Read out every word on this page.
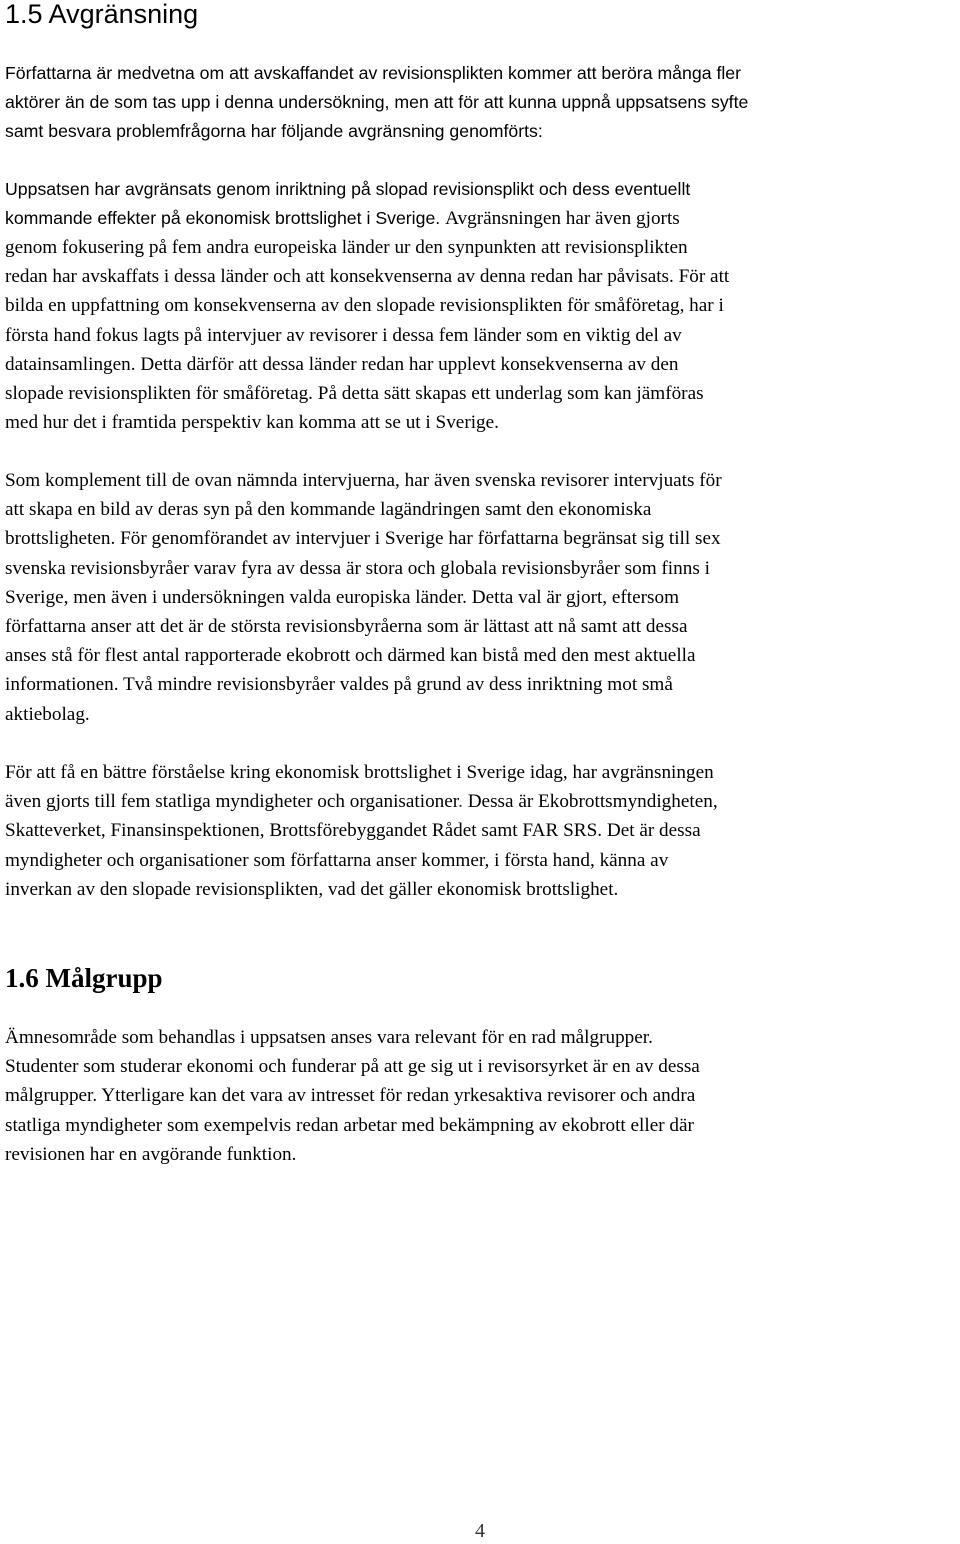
1.5 Avgränsning
Författarna är medvetna om att avskaffandet av revisionsplikten kommer att beröra många fler
aktörer än de som tas upp i denna undersökning, men att för att kunna uppnå uppsatsens syfte
samt besvara problemfrågorna har följande avgränsning genomförts:
Uppsatsen har avgränsats genom inriktning på slopad revisionsplikt och dess eventuellt
kommande effekter på ekonomisk brottslighet i Sverige. Avgränsningen har även gjorts
genom fokusering på fem andra europeiska länder ur den synpunkten att revisionsplikten
redan har avskaffats i dessa länder och att konsekvenserna av denna redan har påvisats. För att
bilda en uppfattning om konsekvenserna av den slopade revisionsplikten för småföretag, har i
första hand fokus lagts på intervjuer av revisorer i dessa fem länder som en viktig del av
datainsamlingen. Detta därför att dessa länder redan har upplevt konsekvenserna av den
slopade revisionsplikten för småföretag. På detta sätt skapas ett underlag som kan jämföras
med hur det i framtida perspektiv kan komma att se ut i Sverige.
Som komplement till de ovan nämnda intervjuerna, har även svenska revisorer intervjuats för
att skapa en bild av deras syn på den kommande lagändringen samt den ekonomiska
brottsligheten. För genomförandet av intervjuer i Sverige har författarna begränsat sig till sex
svenska revisionsbyråer varav fyra av dessa är stora och globala revisionsbyråer som finns i
Sverige, men även i undersökningen valda europiska länder. Detta val är gjort, eftersom
författarna anser att det är de största revisionsbyråerna som är lättast att nå samt att dessa
anses stå för flest antal rapporterade ekobrott och därmed kan bistå med den mest aktuella
informationen. Två mindre revisionsbyråer valdes på grund av dess inriktning mot små
aktiebolag.
För att få en bättre förståelse kring ekonomisk brottslighet i Sverige idag, har avgränsningen
även gjorts till fem statliga myndigheter och organisationer. Dessa är Ekobrottsmyndigheten,
Skatteverket, Finansinspektionen, Brottsförebyggandet Rådet samt FAR SRS. Det är dessa
myndigheter och organisationer som författarna anser kommer, i första hand, känna av
inverkan av den slopade revisionsplikten, vad det gäller ekonomisk brottslighet.
1.6 Målgrupp
Ämnesområde som behandlas i uppsatsen anses vara relevant för en rad målgrupper.
Studenter som studerar ekonomi och funderar på att ge sig ut i revisorsyrket är en av dessa
målgrupper. Ytterligare kan det vara av intresset för redan yrkesaktiva revisorer och andra
statliga myndigheter som exempelvis redan arbetar med bekämpning av ekobrott eller där
revisionen har en avgörande funktion.
4
